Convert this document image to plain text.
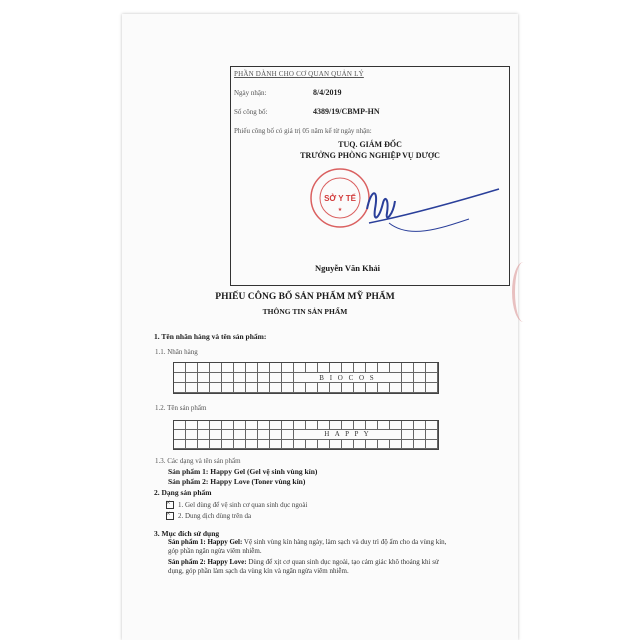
PHẦN DÀNH CHO CƠ QUAN QUẢN LÝ
Ngày nhận:	8/4/2019
Số công bố:	4389/19/CBMP-HN
Phiếu công bố có giá trị 05 năm kể từ ngày nhận:
TUQ. GIÁM ĐỐC
TRƯỞNG PHÒNG NGHIỆP VỤ DƯỢC
SỞ Y TẾ
★
Nguyễn Văn Khải
PHIẾU CÔNG BỐ SẢN PHẨM MỸ PHẨM
THÔNG TIN SẢN PHẨM
1. Tên nhãn hàng và tên sản phẩm:
1.1. Nhãn hàng
B I O C O S
1.2. Tên sản phẩm
H A P P Y
1.3. Các dạng và tên sản phẩm
Sản phẩm 1: Happy Gel (Gel vệ sinh vùng kín)
Sản phẩm 2: Happy Love (Toner vùng kín)
2. Dạng sản phẩm
×1. Gel dùng để vệ sinh cơ quan sinh dục ngoài
×2. Dung dịch dùng trên da
3. Mục đích sử dụng
Sản phẩm 1: Happy Gel: Vệ sinh vùng kín hàng ngày, làm sạch và duy trì độ ẩm cho da vùng kín, góp phần ngăn ngừa viêm nhiễm.
Sản phẩm 2: Happy Love: Dùng để xịt cơ quan sinh dục ngoài, tạo cảm giác khô thoáng khi sử dụng, góp phần làm sạch da vùng kín và ngăn ngừa viêm nhiễm.
